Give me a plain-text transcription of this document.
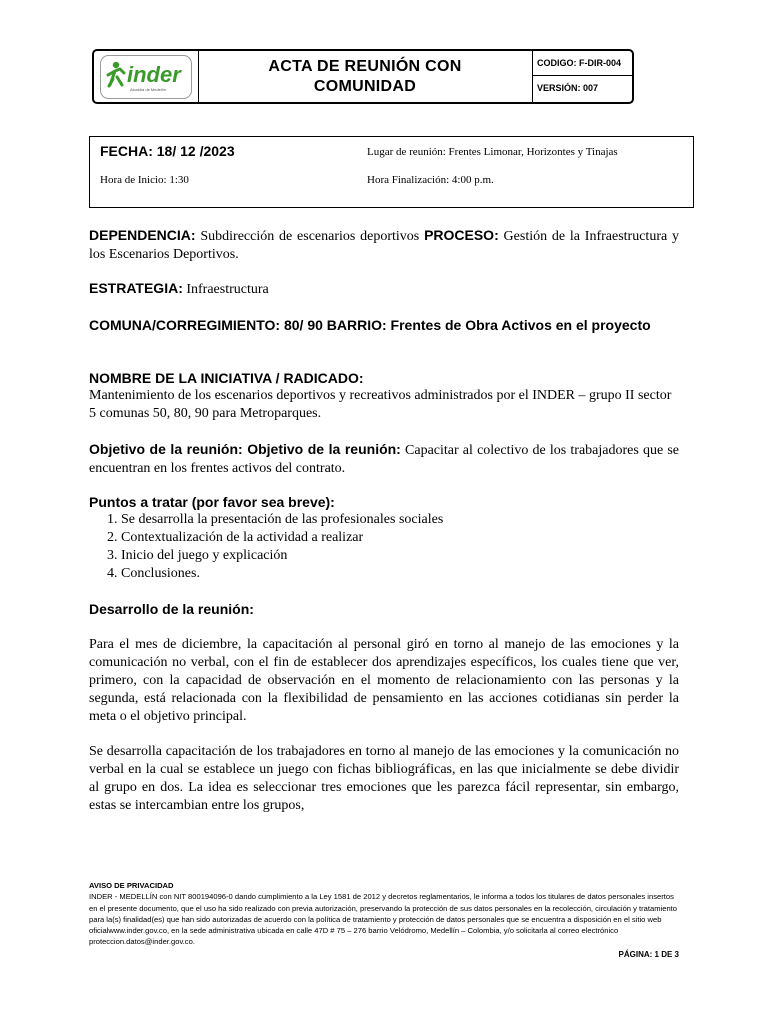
inder
Alcaldía de Medellín
ACTA DE REUNIÓN CON
COMUNIDAD
CODIGO: F-DIR-004
VERSIÓN: 007
FECHA: 18/ 12 /2023	Lugar de reunión: Frentes Limonar, Horizontes y Tinajas
Hora de Inicio: 1:30	Hora Finalización: 4:00 p.m.
DEPENDENCIA: Subdirección de escenarios deportivos PROCESO: Gestión de la Infraestructura y los Escenarios Deportivos.
ESTRATEGIA: Infraestructura
COMUNA/CORREGIMIENTO: 80/ 90 BARRIO: Frentes de Obra Activos en el proyecto
NOMBRE DE LA INICIATIVA / RADICADO:
Mantenimiento de los escenarios deportivos y recreativos administrados por el INDER – grupo II sector 5 comunas 50, 80, 90 para Metroparques.
Objetivo de la reunión: Objetivo de la reunión: Capacitar al colectivo de los trabajadores que se encuentran en los frentes activos del contrato.
Puntos a tratar (por favor sea breve):
1. Se desarrolla la presentación de las profesionales sociales
2. Contextualización de la actividad a realizar
3. Inicio del juego y explicación
4. Conclusiones.
Desarrollo de la reunión:
Para el mes de diciembre, la capacitación al personal giró en torno al manejo de las emociones y la comunicación no verbal, con el fin de establecer dos aprendizajes específicos, los cuales tiene que ver, primero, con la capacidad de observación en el momento de relacionamiento con las personas y la segunda, está relacionada con la flexibilidad de pensamiento en las acciones cotidianas sin perder la meta o el objetivo principal.
Se desarrolla capacitación de los trabajadores en torno al manejo de las emociones y la comunicación no verbal en la cual se establece un juego con fichas bibliográficas, en las que inicialmente se debe dividir al grupo en dos. La idea es seleccionar tres emociones que les parezca fácil representar, sin embargo, estas se intercambian entre los grupos,
AVISO DE PRIVACIDAD
INDER - MEDELLÍN con NIT 800194096-0 dando cumplimiento a la Ley 1581 de 2012 y decretos reglamentarios, le informa a todos los titulares de datos personales insertos en el presente documento, que el uso ha sido realizado con previa autorización, preservando la protección de sus datos personales en la recolección, circulación y tratamiento para la(s) finalidad(es) que han sido autorizadas de acuerdo con la política de tratamiento y protección de datos personales que se encuentra a disposición en el sitio web oficialwww.inder.gov.co, en la sede administrativa ubicada en calle 47D # 75 – 276 barrio Velódromo, Medellín – Colombia, y/o solicitarla al correo electrónico proteccion.datos@inder.gov.co.
PÁGINA: 1 DE 3
